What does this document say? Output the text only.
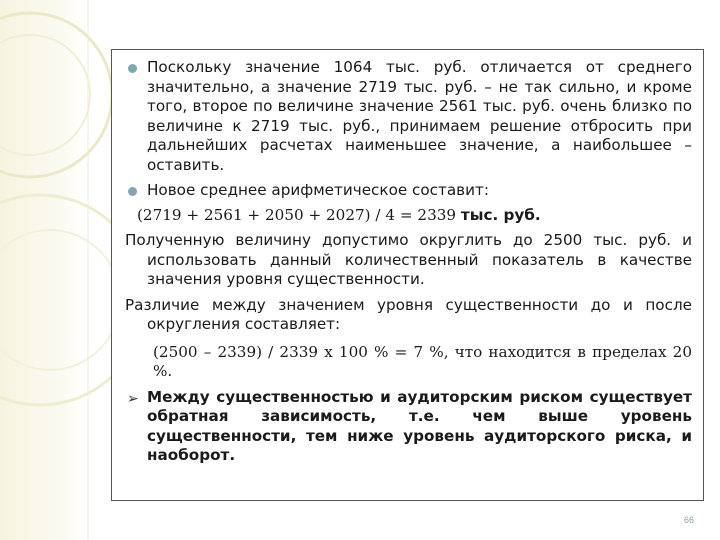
Поскольку значение 1064 тыс. руб. отличается от среднего значительно, а значение 2719 тыс. руб. – не так сильно, и кроме того, второе по величине значение 2561 тыс. руб. очень близко по величине к 2719 тыс. руб., принимаем решение отбросить при дальнейших расчетах наименьшее значение, а наибольшее – оставить.
Новое среднее арифметическое составит:
(2719 + 2561 + 2050 + 2027) / 4 = 2339 тыс. руб.
Полученную величину допустимо округлить до 2500 тыс. руб. и использовать данный количественный показатель в качестве значения уровня существенности.
Различие между значением уровня существенности до и после округления составляет:
(2500 – 2339) / 2339 х 100 % = 7 %, что находится в пределах 20 %.
➢ Между существенностью и аудиторским риском существует обратная зависимость, т.е. чем выше уровень существенности, тем ниже уровень аудиторского риска, и наоборот.
66
